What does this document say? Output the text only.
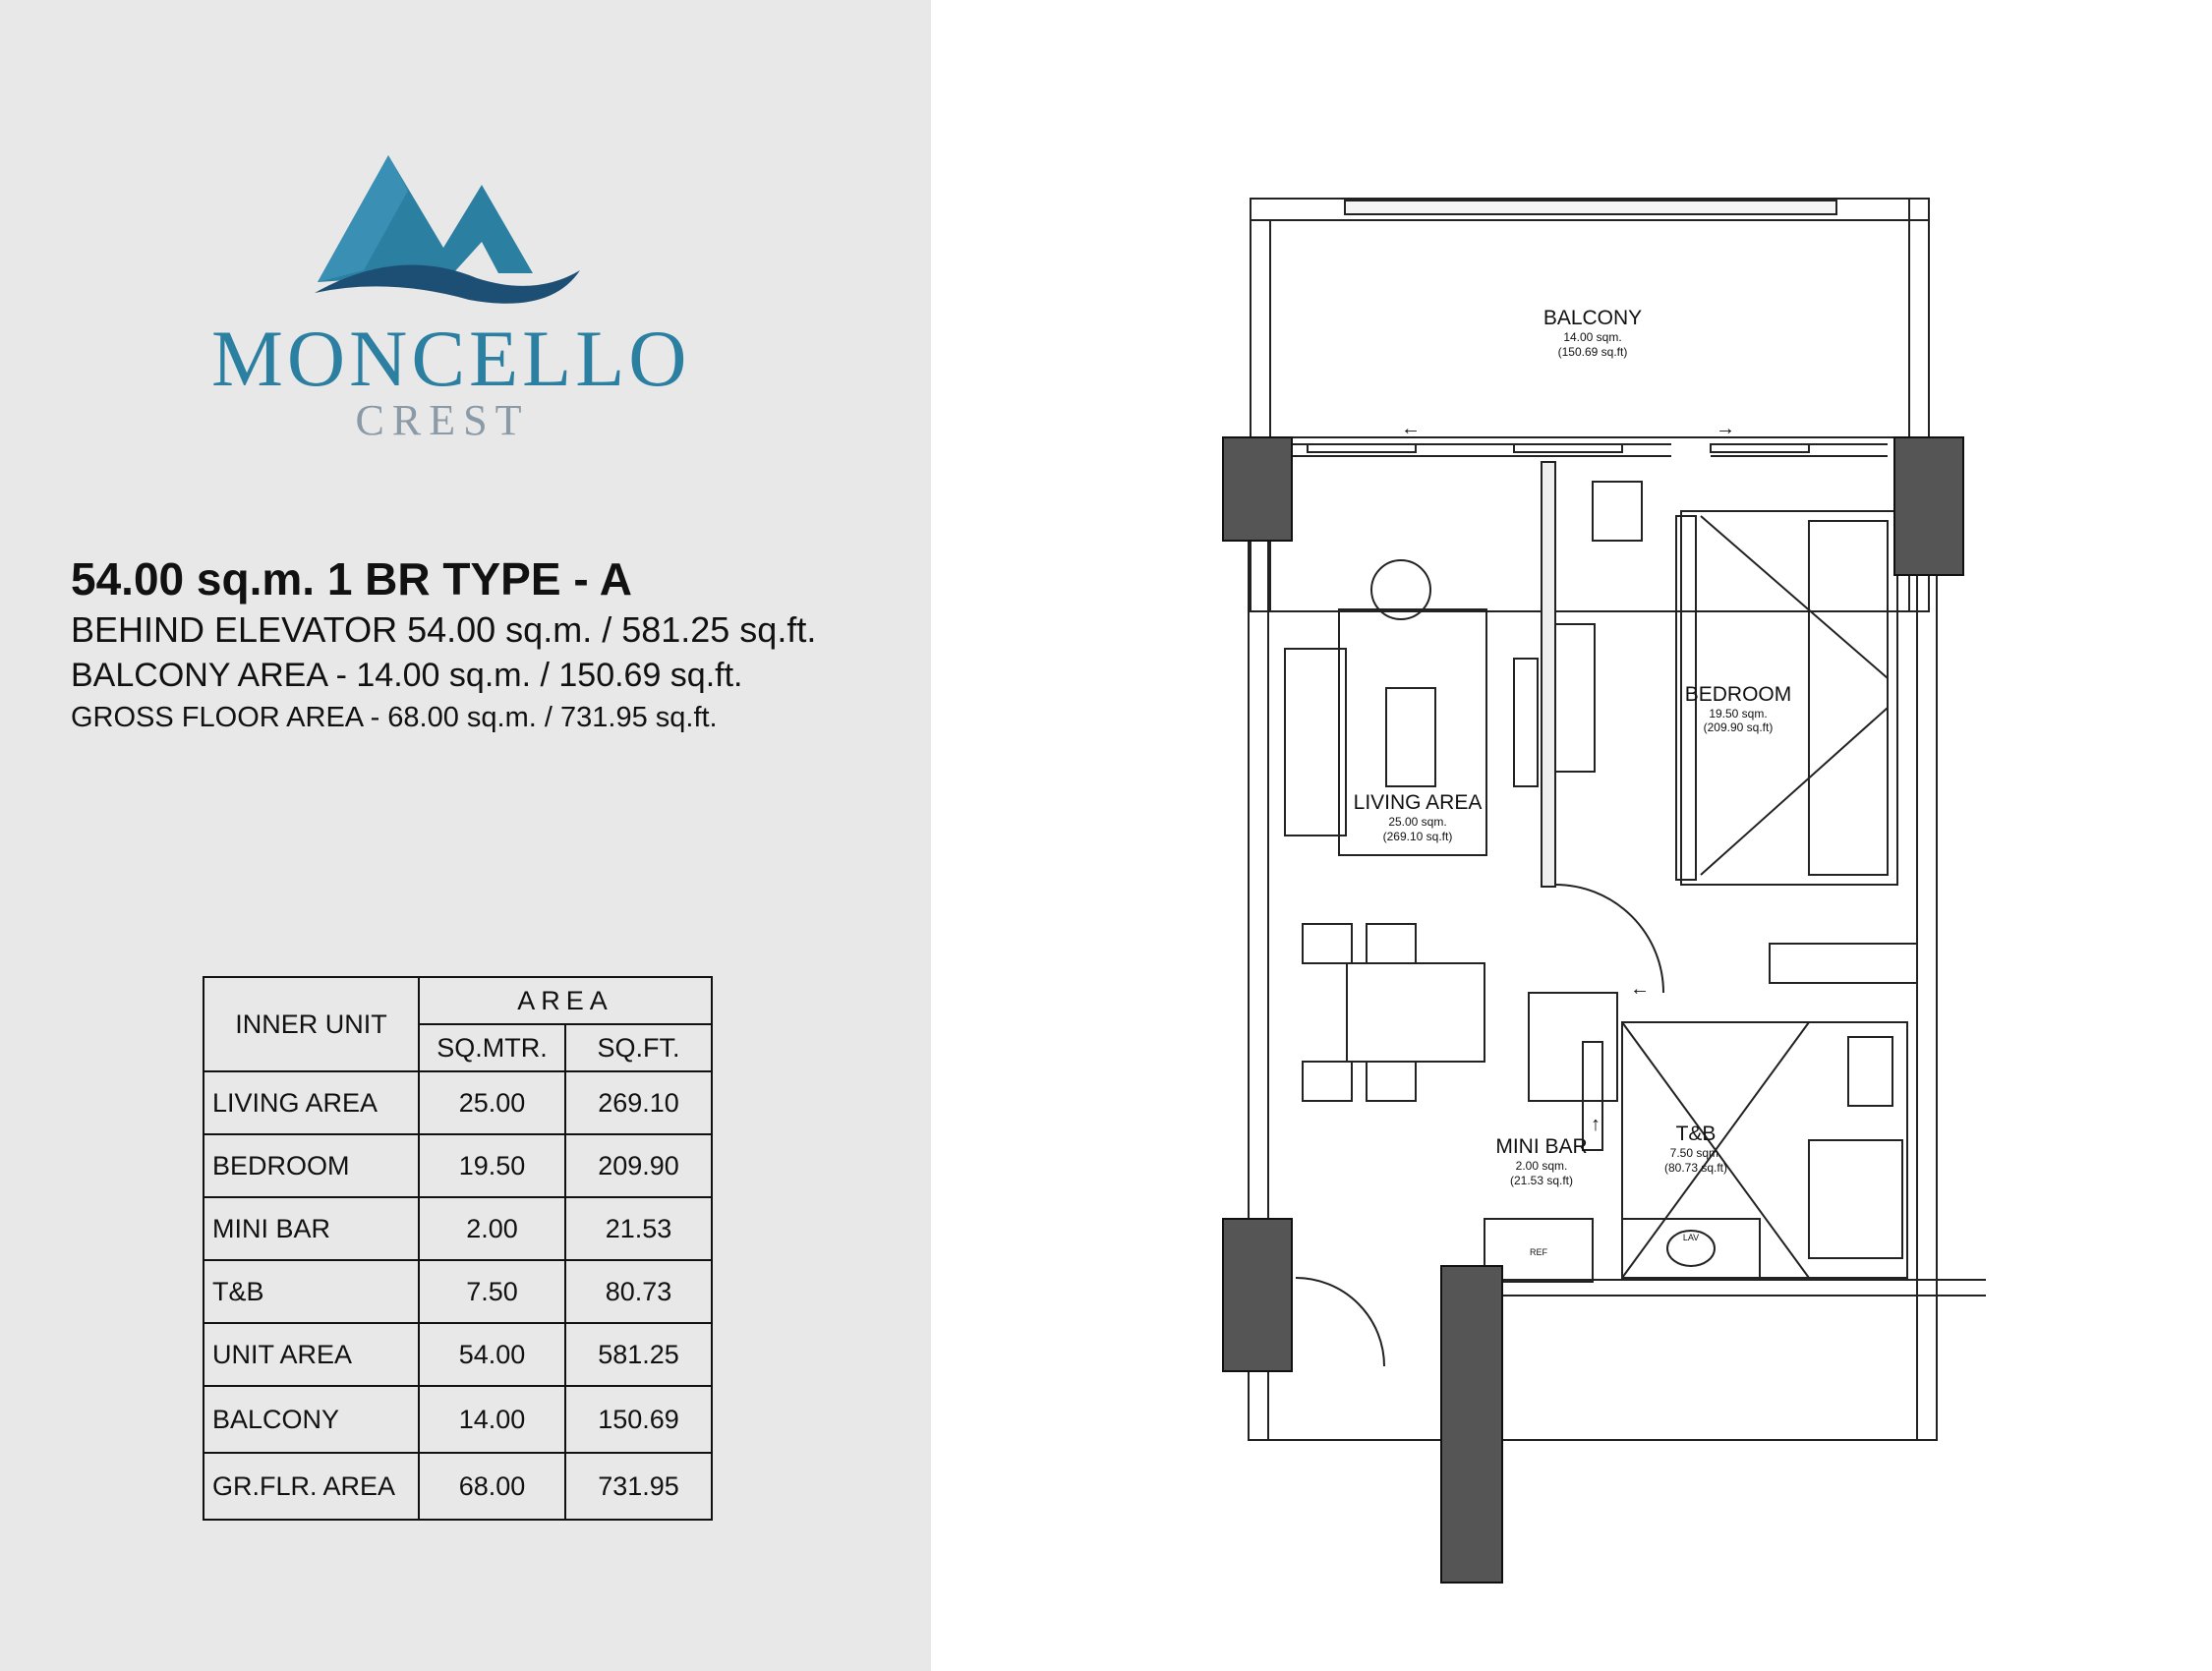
MONCELLO
CREST
54.00 sq.m. 1 BR TYPE - A
BEHIND ELEVATOR 54.00 sq.m. / 581.25 sq.ft.
BALCONY AREA - 14.00 sq.m. / 150.69 sq.ft.
GROSS FLOOR AREA - 68.00 sq.m. / 731.95 sq.ft.
INNER UNIT	AREA	
	SQ.MTR.	SQ.FT.
LIVING AREA	25.00	269.10
BEDROOM	19.50	209.90
MINI BAR	2.00	21.53
T&B	7.50	80.73
UNIT AREA	54.00	581.25
BALCONY	14.00	150.69
GR.FLR. AREA	68.00	731.95
←	→
←
↑
BALCONY
14.00 sqm.
(150.69 sq.ft)
LIVING AREA
25.00 sqm.
(269.10 sq.ft)
BEDROOM
19.50 sqm.
(209.90 sq.ft)
MINI BAR
2.00 sqm.
(21.53 sq.ft)
T&B
7.50 sqm.
(80.73 sq.ft)
REF
LAV
